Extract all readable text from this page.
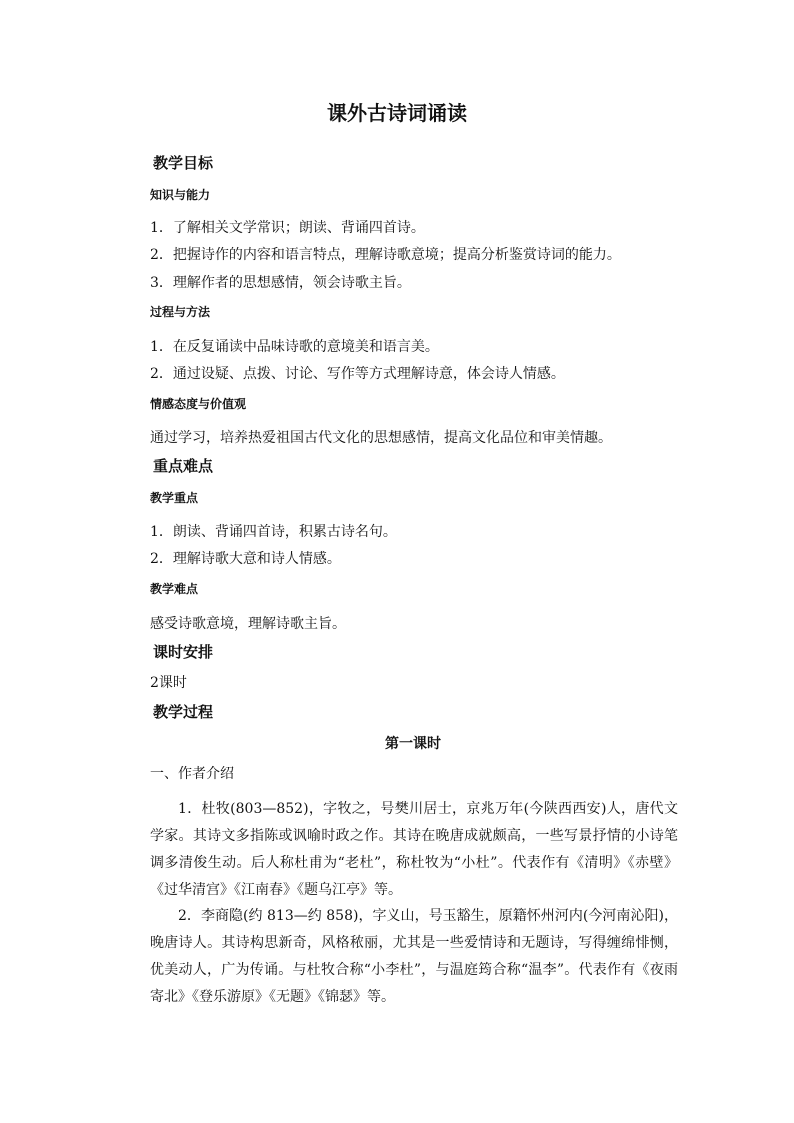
课外古诗词诵读
教学目标
知识与能力

1．了解相关文学常识；朗读、背诵四首诗。

2．把握诗作的内容和语言特点，理解诗歌意境；提高分析鉴赏诗词的能力。

3．理解作者的思想感情，领会诗歌主旨。

过程与方法

1．在反复诵读中品味诗歌的意境美和语言美。

2．通过设疑、点拨、讨论、写作等方式理解诗意，体会诗人情感。

情感态度与价值观

通过学习，培养热爱祖国古代文化的思想感情，提高文化品位和审美情趣。

重点难点
教学重点

1．朗读、背诵四首诗，积累古诗名句。

2．理解诗歌大意和诗人情感。

教学难点

感受诗歌意境，理解诗歌主旨。

课时安排

2课时

教学过程
第一课时

一、作者介绍

1．杜牧(803—852)，字牧之，号樊川居士，京兆万年(今陕西西安)人，唐代文学家。其诗文多指陈或讽喻时政之作。其诗在晚唐成就颇高，一些写景抒情的小诗笔调多清俊生动。后人称杜甫为“老杜”，称杜牧为“小杜”。代表作有《清明》《赤壁》《过华清宫》《江南春》《题乌江亭》等。

2．李商隐(约 813—约 858)，字义山，号玉豁生，原籍怀州河内(今河南沁阳)，晚唐诗人。其诗构思新奇，风格秾丽，尤其是一些爱情诗和无题诗，写得缠绵悱恻，优美动人，广为传诵。与杜牧合称“小李杜”，与温庭筠合称“温李”。代表作有《夜雨寄北》《登乐游原》《无题》《锦瑟》等。
